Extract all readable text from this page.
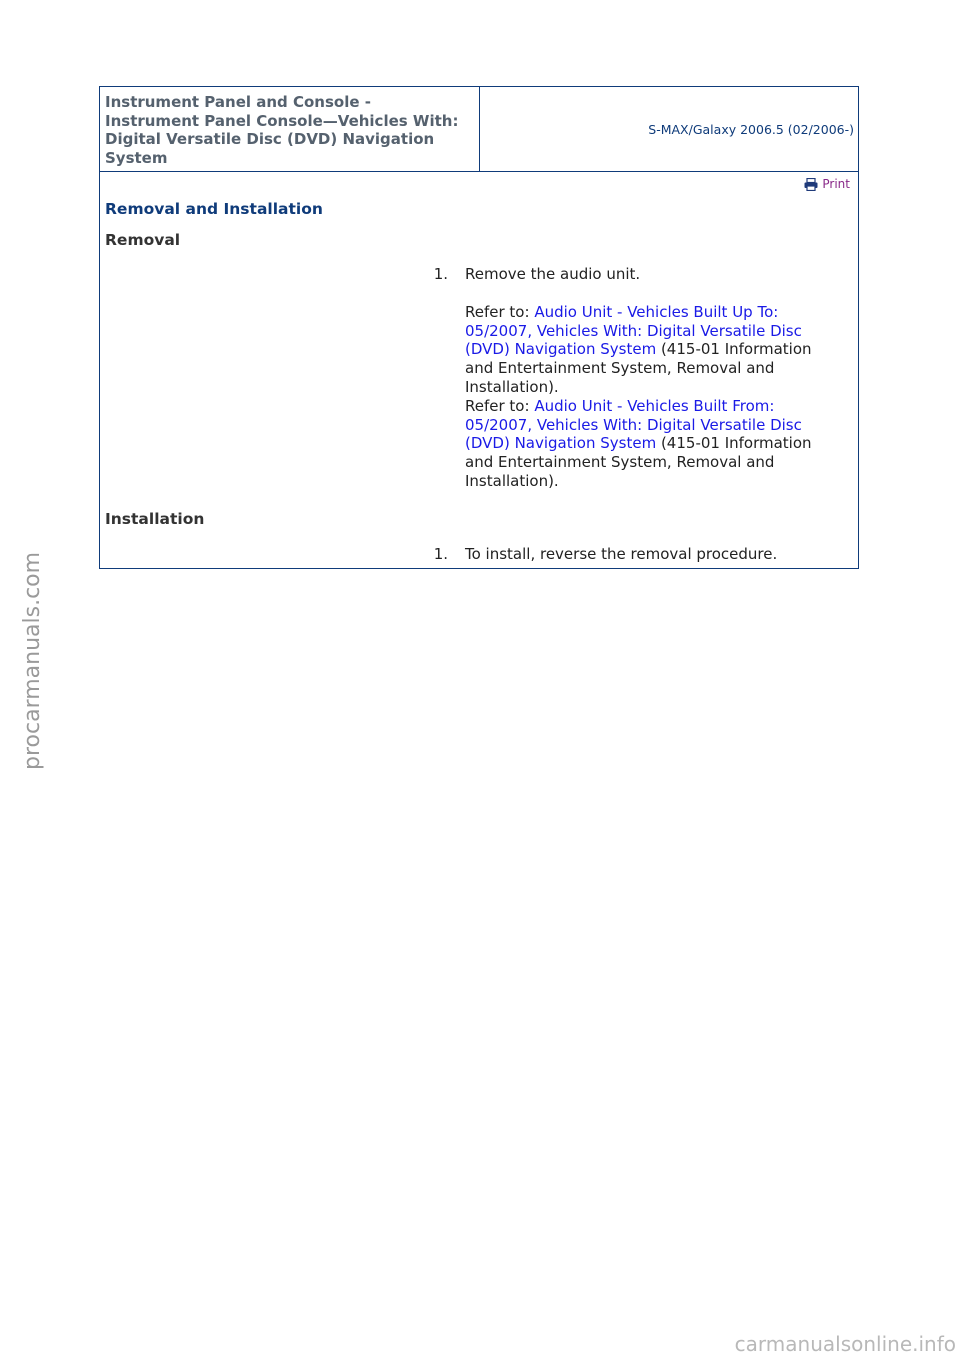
Instrument Panel and Console -
Instrument Panel Console—Vehicles With:
Digital Versatile Disc (DVD) Navigation
System
S-MAX/Galaxy 2006.5 (02/2006-)
Print
Removal and Installation
Removal
1. Remove the audio unit.
Refer to: Audio Unit - Vehicles Built Up To:
05/2007, Vehicles With: Digital Versatile Disc
(DVD) Navigation System (415-01 Information
and Entertainment System, Removal and
Installation).
Refer to: Audio Unit - Vehicles Built From:
05/2007, Vehicles With: Digital Versatile Disc
(DVD) Navigation System (415-01 Information
and Entertainment System, Removal and
Installation).
Installation
1. To install, reverse the removal procedure.
procarmanuals.com
carmanualsonline.info
